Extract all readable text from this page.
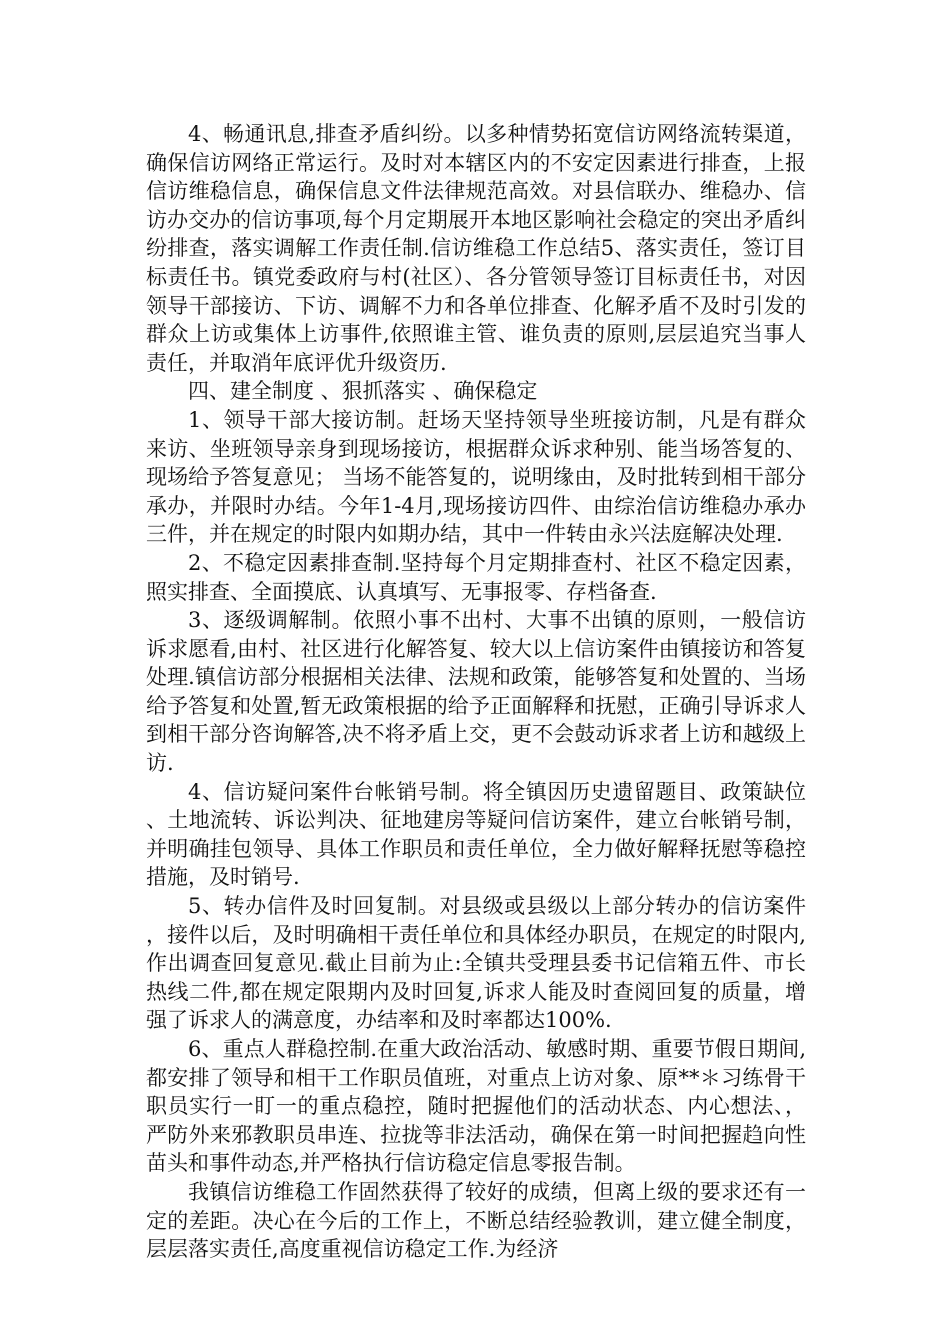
4、畅通讯息,排查矛盾纠纷。以多种情势拓宽信访网络流转渠道，确保信访网络正常运行。及时对本辖区内的不安定因素进行排查，上报信访维稳信息，确保信息文件法律规范高效。对县信联办、维稳办、信访办交办的信访事项,每个月定期展开本地区影响社会稳定的突出矛盾纠纷排查，落实调解工作责任制.信访维稳工作总结5、落实责任，签订目标责任书。镇党委政府与村(社区）、各分管领导签订目标责任书，对因领导干部接访、下访、调解不力和各单位排查、化解矛盾不及时引发的群众上访或集体上访事件,依照谁主管、谁负责的原则,层层追究当事人责任，并取消年底评优升级资历.

四、建全制度 、狠抓落实 、确保稳定

1、领导干部大接访制。赶场天坚持领导坐班接访制，凡是有群众来访、坐班领导亲身到现场接访，根据群众诉求种别、能当场答复的、现场给予答复意见； 当场不能答复的，说明缘由，及时批转到相干部分承办，并限时办结。今年1-4月,现场接访四件、由综治信访维稳办承办三件，并在规定的时限内如期办结，其中一件转由永兴法庭解决处理.

2、不稳定因素排查制.坚持每个月定期排查村、社区不稳定因素，照实排查、全面摸底、认真填写、无事报零、存档备查.

3、逐级调解制。依照小事不出村、大事不出镇的原则，一般信访诉求愿看,由村、社区进行化解答复、较大以上信访案件由镇接访和答复处理.镇信访部分根据相关法律、法规和政策，能够答复和处置的、当场给予答复和处置,暂无政策根据的给予正面解释和抚慰，正确引导诉求人到相干部分咨询解答,决不将矛盾上交，更不会鼓动诉求者上访和越级上访.

4、信访疑问案件台帐销号制。将全镇因历史遗留题目、政策缺位、土地流转、诉讼判决、征地建房等疑问信访案件，建立台帐销号制，并明确挂包领导、具体工作职员和责任单位，全力做好解释抚慰等稳控措施，及时销号.

5、转办信件及时回复制。对县级或县级以上部分转办的信访案件，接件以后，及时明确相干责任单位和具体经办职员，在规定的时限内,作出调查回复意见.截止目前为止:全镇共受理县委书记信箱五件、市长热线二件,都在规定限期内及时回复,诉求人能及时查阅回复的质量，增强了诉求人的满意度，办结率和及时率都达100%.

6、重点人群稳控制.在重大政治活动、敏感时期、重要节假日期间,都安排了领导和相干工作职员值班，对重点上访对象、原**＊习练骨干职员实行一盯一的重点稳控，随时把握他们的活动状态、内心想法、，严防外来邪教职员串连、拉拢等非法活动，确保在第一时间把握趋向性苗头和事件动态,并严格执行信访稳定信息零报告制。

我镇信访维稳工作固然获得了较好的成绩，但离上级的要求还有一定的差距。决心在今后的工作上，不断总结经验教训，建立健全制度，层层落实责任,高度重视信访稳定工作.为经济
